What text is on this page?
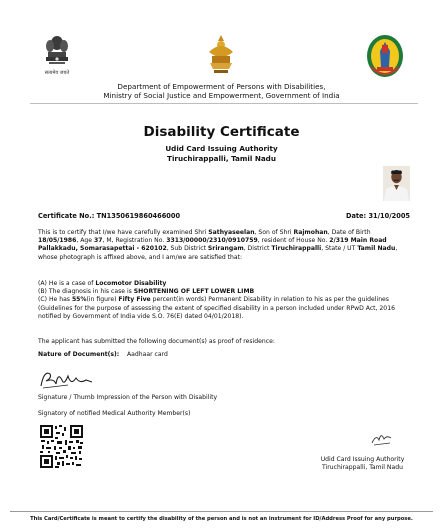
सत्यमेव जयते
Department of Empowerment of Persons with Disabilities,
Ministry of Social Justice and Empowerment, Government of India
Disability Certificate
Udid Card Issuing Authority
Tiruchirappalli, Tamil Nadu
Certificate No.: TN1350619860466000	Date: 31/10/2005
This is to certify that I/we have carefully examined Shri Sathyaseelan, Son of Shri Rajmohan, Date of Birth 18/05/1986, Age 37, M, Registration No. 3313/00000/2310/0910759, resident of House No. 2/319 Main Road Pallakkadu, Somarasapettai - 620102, Sub District Srirangam, District Tiruchirappalli, State / UT Tamil Nadu, whose photograph is affixed above, and I am/we are satisfied that:
(A) He is a case of Locomotor Disability
(B) The diagnosis in his case is SHORTENING OF LEFT LOWER LIMB
(C) He has 55%(in figure) Fifty Five percent(in words) Permanent Disability in relation to his as per the guidelines (Guidelines for the purpose of assessing the extent of specified disability in a person included under RPwD Act, 2016 notified by Government of India vide S.O. 76(E) dated 04/01/2018).
The applicant has submitted the following document(s) as proof of residence:
Nature of Document(s): Aadhaar card
Signature / Thumb Impression of the Person with Disability
Signatory of notified Medical Authority Member(s)
Udid Card Issuing Authority
Tiruchirappalli, Tamil Nadu
This Card/Certificate is meant to certify the disability of the person and is not an instrument for ID/Address Proof for any purpose.
